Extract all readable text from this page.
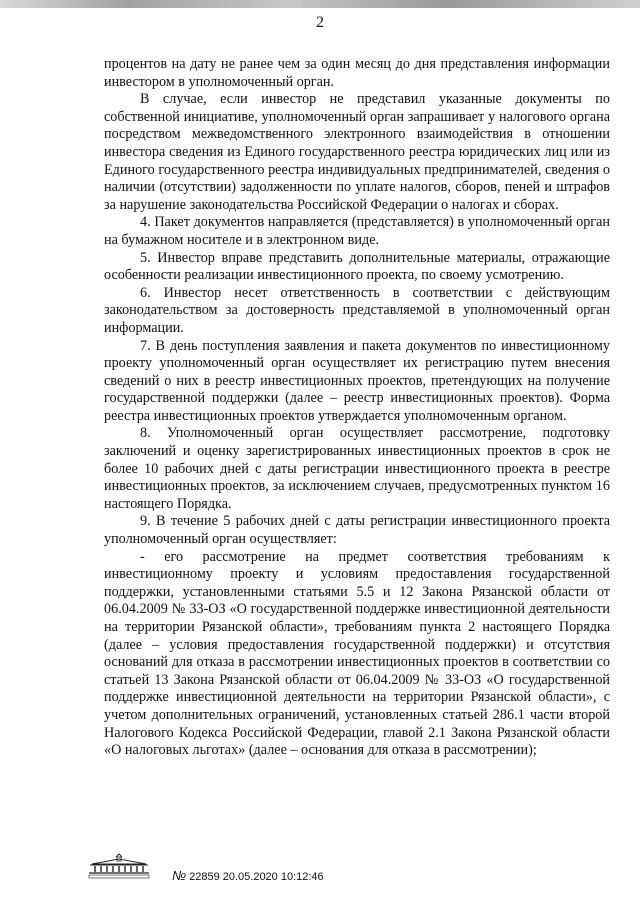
2

процентов на дату не ранее чем за один месяц до дня представления информации инвестором в уполномоченный орган.

В случае, если инвестор не представил указанные документы по собственной инициативе, уполномоченный орган запрашивает у налогового органа посредством межведомственного электронного взаимодействия в отношении инвестора сведения из Единого государственного реестра юридических лиц или из Единого государственного реестра индивидуальных предпринимателей, сведения о наличии (отсутствии) задолженности по уплате налогов, сборов, пеней и штрафов за нарушение законодательства Российской Федерации о налогах и сборах.

4. Пакет документов направляется (представляется) в уполномоченный орган на бумажном носителе и в электронном виде.

5. Инвестор вправе представить дополнительные материалы, отражающие особенности реализации инвестиционного проекта, по своему усмотрению.

6. Инвестор несет ответственность в соответствии с действующим законодательством за достоверность представляемой в уполномоченный орган информации.

7. В день поступления заявления и пакета документов по инвестиционному проекту уполномоченный орган осуществляет их регистрацию путем внесения сведений о них в реестр инвестиционных проектов, претендующих на получение государственной поддержки (далее – реестр инвестиционных проектов). Форма реестра инвестиционных проектов утверждается уполномоченным органом.

8. Уполномоченный орган осуществляет рассмотрение, подготовку заключений и оценку зарегистрированных инвестиционных проектов в срок не более 10 рабочих дней с даты регистрации инвестиционного проекта в реестре инвестиционных проектов, за исключением случаев, предусмотренных пунктом 16 настоящего Порядка.

9. В течение 5 рабочих дней с даты регистрации инвестиционного проекта уполномоченный орган осуществляет:

- его рассмотрение на предмет соответствия требованиям к инвестиционному проекту и условиям предоставления государственной поддержки, установленными статьями 5.5 и 12 Закона Рязанской области от 06.04.2009 № 33-ОЗ «О государственной поддержке инвестиционной деятельности на территории Рязанской области», требованиям пункта 2 настоящего Порядка (далее – условия предоставления государственной поддержки) и отсутствия оснований для отказа в рассмотрении инвестиционных проектов в соответствии со статьей 13 Закона Рязанской области от 06.04.2009 № 33-ОЗ «О государственной поддержке инвестиционной деятельности на территории Рязанской области», с учетом дополнительных ограничений, установленных статьей 286.1 части второй Налогового Кодекса Российской Федерации, главой 2.1 Закона Рязанской области «О налоговых льготах» (далее – основания для отказа в рассмотрении);

№ 22859 20.05.2020 10:12:46
